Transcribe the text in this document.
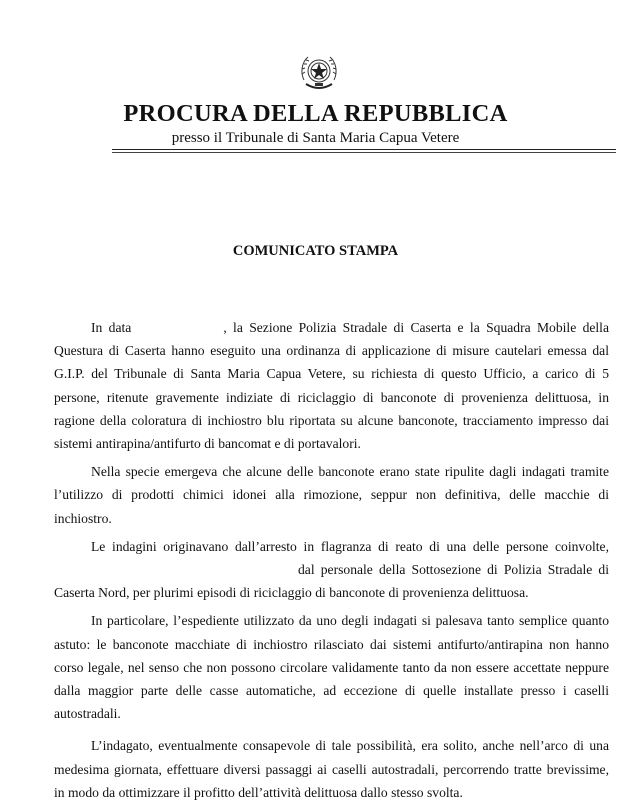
PROCURA DELLA REPUBBLICA
presso il Tribunale di Santa Maria Capua Vetere
COMUNICATO STAMPA

In data	, la Sezione Polizia Stradale di Caserta e la Squadra Mobile della

Questura di Caserta hanno eseguito una ordinanza di applicazione di misure cautelari emessa dal

G.I.P. del Tribunale di Santa Maria Capua Vetere, su richiesta di questo Ufficio, a carico di 5

persone, ritenute gravemente indiziate di riciclaggio di banconote di provenienza delittuosa, in

ragione della coloratura di inchiostro blu riportata su alcune banconote, tracciamento impresso dai

sistemi antirapina/antifurto di bancomat e di portavalori.

Nella specie emergeva che alcune delle banconote erano state ripulite dagli indagati tramite

l’utilizzo di prodotti chimici idonei alla rimozione, seppur non definitiva, delle macchie di

inchiostro.

Le indagini originavano dall’arresto in flagranza di reato di una delle persone coinvolte,

dal personale della Sottosezione di Polizia Stradale di

Caserta Nord, per plurimi episodi di riciclaggio di banconote di provenienza delittuosa.

In particolare, l’espediente utilizzato da uno degli indagati si palesava tanto semplice quanto

astuto: le banconote macchiate di inchiostro rilasciato dai sistemi antifurto/antirapina non hanno

corso legale, nel senso che non possono circolare validamente tanto da non essere accettate neppure

dalla maggior parte delle casse automatiche, ad eccezione di quelle installate presso i caselli

autostradali.

L’indagato, eventualmente consapevole di tale possibilità, era solito, anche nell’arco di una

medesima giornata, effettuare diversi passaggi ai caselli autostradali, percorrendo tratte brevissime,

in modo da ottimizzare il profitto dell’attività delittuosa dallo stesso svolta.
